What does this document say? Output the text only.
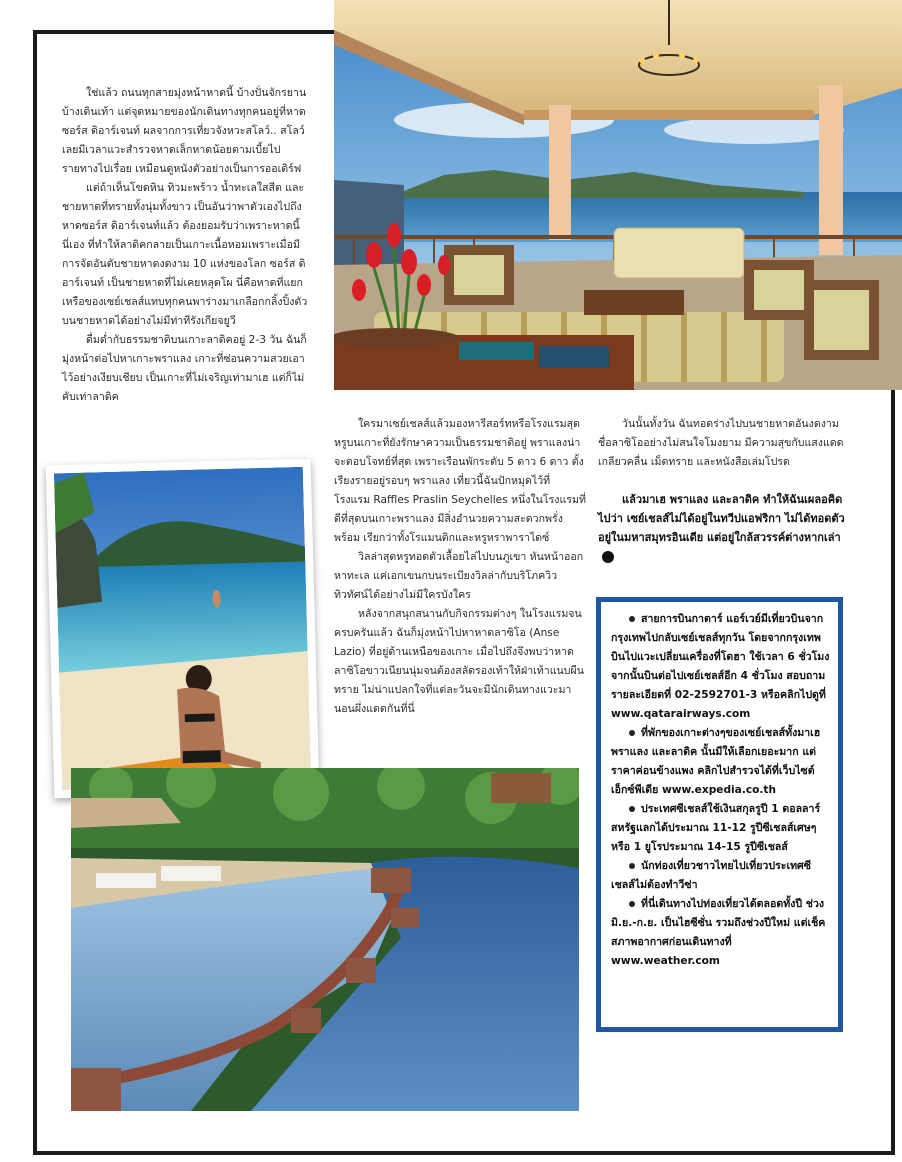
ใช่แล้ว ถนนทุกสายมุ่งหน้าหาดนี้ บ้างปั่นจักรยาน บ้างเดินเท้า แต่จุดหมายของนักเดินทางทุกคนอยู่ที่หาดซอร์ส ดิอาร์เจนท์ ผลจากการเที่ยวจังหวะสโลว์.. สโลว์ เลยมีเวลาแวะสำรวจหาดเล็กหาดน้อยตามเบี้ยไปรายทางไปเรื่อย เหมือนดูหนังตัวอย่างเป็นการออเดิร์ฟ

แต่ถ้าเห็นโขดหิน ทิวมะพร้าว น้ำทะเลใสสีต และชายหาดที่ทรายทั้งนุ่มทั้งขาว เป็นอันว่าพาตัวเองไปถึงหาดซอร์ส ดิอาร์เจนท์แล้ว ต้องยอมรับว่าเพราะหาดนี้นี่เอง ที่ทำให้ลาดิคกลายเป็นเกาะเนื้อหอมเพราะเมื่อมีการจัดอันดับชายหาดงดงาม 10 แห่งของโลก ซอร์ส ดิอาร์เจนท์ เป็นชายหาดที่ไม่เคยหลุดโผ นี่คือหาดที่แยกเหรือของเซย์เชลส์แทบทุกคนพาร่างมาเกลือกกลิ้งปิ้งตัวบนชายหาดได้อย่างไม่มีท่าทีรังเกียจยูวี

ดื่มด่ำกับธรรมชาติบนเกาะลาดิคอยู่ 2-3 วัน ฉันก็มุ่งหน้าต่อไปหาเกาะพราแลง เกาะที่ซ่อนความสวยเอาไว้อย่างเงียบเชียบ เป็นเกาะที่ไม่เจริญเท่ามาเฮ แต่ก็ไม่คับเท่าลาดิค

ใครมาเซย์เชลส์แล้วมองหารีสอร์ทหรือโรงแรมสุดหรูบนเกาะที่ยังรักษาความเป็นธรรมชาติอยู่ พราแลงน่าจะตอบโจทย์ที่สุด เพราะเรือนพักระดับ 5 ดาว 6 ดาว ตั้งเรียงรายอยู่รอบๆ พราแลง เที่ยวนี้ฉันปักหมุดไว้ที่ โรงแรม Raffles Praslin Seychelles หนึ่งในโรงแรมที่ดีที่สุดบนเกาะพราแลง มีสิ่งอำนวยความสะดวกพรั่งพร้อม เรียกว่าทั้งโรแมนติกและหรูหราพาราไดซ์

วิลล่าสุดหรูทอดตัวเลื้อยไล่ไปบนภูเขา หันหน้าออกหาทะเล แค่เอกเขนกบนระเบียงวิลล่ากับบริโภควิวทิวทัศน์ได้อย่างไม่มีใครบังใคร

หลังจากสนุกสนานกับกิจกรรมต่างๆ ในโรงแรมจนครบครันแล้ว ฉันก็มุ่งหน้าไปหาหาดลาซิโอ (Anse Lazio) ที่อยู่ด้านเหนือของเกาะ เมื่อไปถึงจึงพบว่าหาดลาซิโอขาวเนียนนุ่มจนต้องสลัดรองเท้าให้ฝ่าเท้าแนบผืนทราย ไม่น่าแปลกใจที่แต่ละวันจะมีนักเดินทางแวะมานอนผึ่งแดดกันที่นี่

วันนั้นทั้งวัน ฉันทอดร่างไปบนชายหาดอันงดงาม ชื่อลาซิโออย่างไม่สนใจโมงยาม มีความสุขกับแสงแดด เกลียวคลื่น เม็ดทราย และหนังสือเล่มโปรด

แล้วมาเฮ พราแลง และลาดิค ทำให้ฉันเผลอคิดไปว่า เซย์เชลส์ไม่ได้อยู่ในทวีปแอฟริกา ไม่ได้ทอดตัวอยู่ในมหาสมุทรอินเดีย แต่อยู่ใกล้สวรรค์ต่างหากเล่า

สายการบินกาตาร์ แอร์เวย์มีเที่ยวบินจากกรุงเทพไปกลับเซย์เชลส์ทุกวัน โดยจากกรุงเทพบินไปแวะเปลี่ยนเครื่องที่โดฮา ใช้เวลา 6 ชั่วโมง จากนั้นบินต่อไปเซย์เชลส์อีก 4 ชั่วโมง สอบถามรายละเอียดที่ 02-2592701-3 หรือคลิกไปดูที่ www.qatarairways.com

ที่พักของเกาะต่างๆของเซย์เชลส์ทั้งมาเฮ พราแลง และลาดิค นั้นมีให้เลือกเยอะมาก แต่ราคาค่อนข้างแพง คลิกไปสำรวจได้ที่เว็บไซต์เอ็กซ์พีเดีย www.expedia.co.th

ประเทศซีเชลส์ใช้เงินสกุลรูปี 1 ดอลลาร์สหรัฐแลกได้ประมาณ 11-12 รูปีซีเชลส์เศษๆ หรือ 1 ยูโรประมาณ 14-15 รูปีซีเชลส์

นักท่องเที่ยวชาวไทยไปเที่ยวประเทศซีเชลส์ไม่ต้องทำวีซ่า

ที่นี่เดินทางไปท่องเที่ยวได้ตลอดทั้งปี ช่วงมิ.ย.-ก.ย. เป็นไฮซีซั่น รวมถึงช่วงปีใหม่ แต่เช็คสภาพอากาศก่อนเดินทางที่ www.weather.com
